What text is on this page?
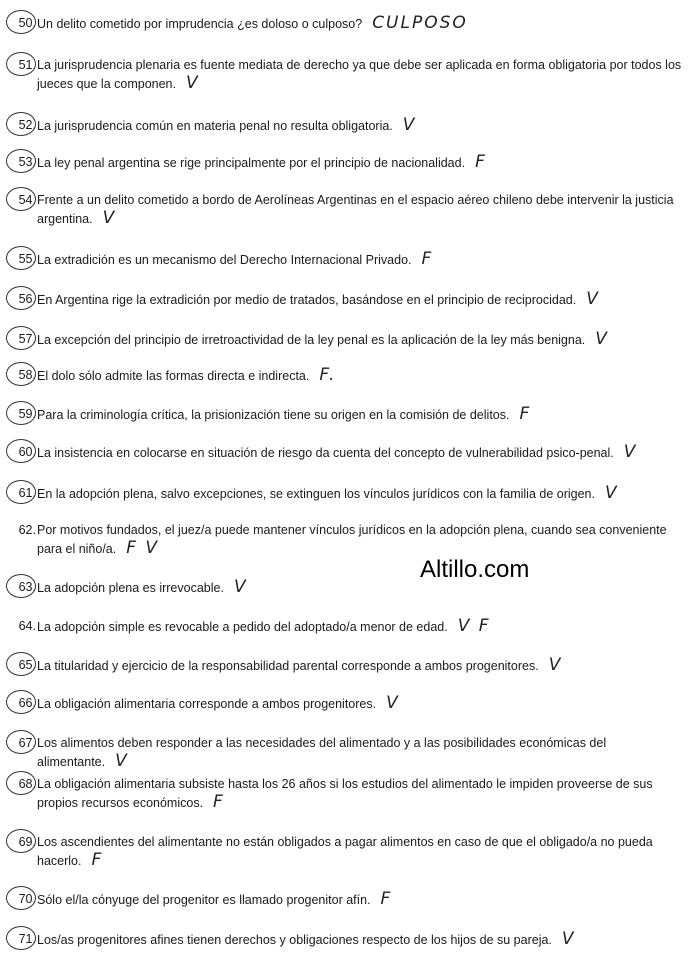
50. Un delito cometido por imprudencia ¿es doloso o culposo? CULPOSO
51. La jurisprudencia plenaria es fuente mediata de derecho ya que debe ser aplicada en forma obligatoria por todos los jueces que la componen. V
52. La jurisprudencia común en materia penal no resulta obligatoria. V
53. La ley penal argentina se rige principalmente por el principio de nacionalidad. F
54. Frente a un delito cometido a bordo de Aerolíneas Argentinas en el espacio aéreo chileno debe intervenir la justicia argentina. V
55. La extradición es un mecanismo del Derecho Internacional Privado. F
56. En Argentina rige la extradición por medio de tratados, basándose en el principio de reciprocidad. V
57. La excepción del principio de irretroactividad de la ley penal es la aplicación de la ley más benigna. V
58. El dolo sólo admite las formas directa e indirecta. F.
59. Para la criminología crítica, la prisionización tiene su origen en la comisión de delitos. F
60. La insistencia en colocarse en situación de riesgo da cuenta del concepto de vulnerabilidad psico-penal. V
61. En la adopción plena, salvo excepciones, se extinguen los vínculos jurídicos con la familia de origen. V
62. Por motivos fundados, el juez/a puede mantener vínculos jurídicos en la adopción plena, cuando sea conveniente para el niño/a. F V
63. La adopción plena es irrevocable. V
64. La adopción simple es revocable a pedido del adoptado/a menor de edad. V F
65. La titularidad y ejercicio de la responsabilidad parental corresponde a ambos progenitores. V
66. La obligación alimentaria corresponde a ambos progenitores. V
67. Los alimentos deben responder a las necesidades del alimentado y a las posibilidades económicas del alimentante. V
68. La obligación alimentaria subsiste hasta los 26 años si los estudios del alimentado le impiden proveerse de sus propios recursos económicos. F
69. Los ascendientes del alimentante no están obligados a pagar alimentos en caso de que el obligado/a no pueda hacerlo. F
70. Sólo el/la cónyuge del progenitor es llamado progenitor afín. F
71. Los/as progenitores afines tienen derechos y obligaciones respecto de los hijos de su pareja. V
Altillo.com
